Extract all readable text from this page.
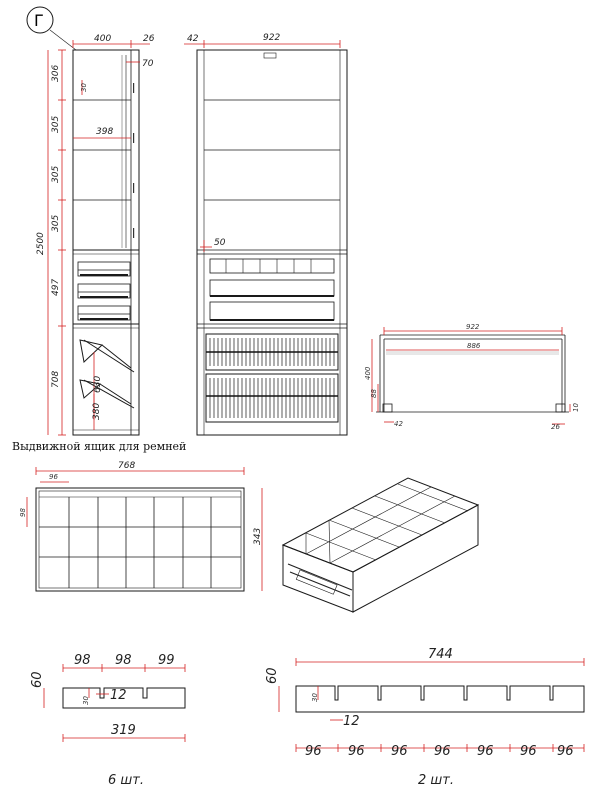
Г
400	26
70
30
398
2500
306
305
305
305
497
708	630
380
922
42
50
922
886
400
88
42	26
10
Выдвижной ящик для ремней
768
96
98
343
98 98 99
60
30 12
319
6 шт.
744
60
30
12
96 96 96 96 96 96 96
2 шт.
